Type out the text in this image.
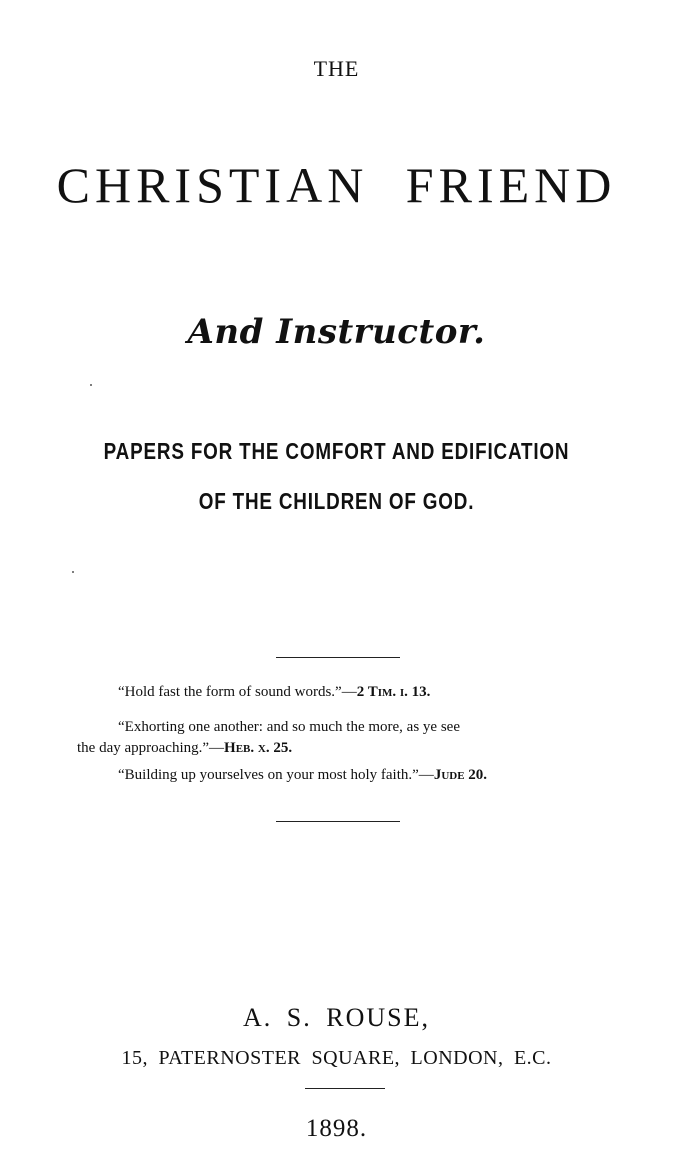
THE
CHRISTIAN FRIEND
And Instructor.
PAPERS FOR THE COMFORT AND EDIFICATION
OF THE CHILDREN OF GOD.
“Hold fast the form of sound words.”—2 Tim. i. 13.
“Exhorting one another: and so much the more, as ye see
the day approaching.”—Heb. x. 25.
“Building up yourselves on your most holy faith.”—Jude 20.
A. S. ROUSE,
15, PATERNOSTER SQUARE, LONDON, E.C.
1898.
